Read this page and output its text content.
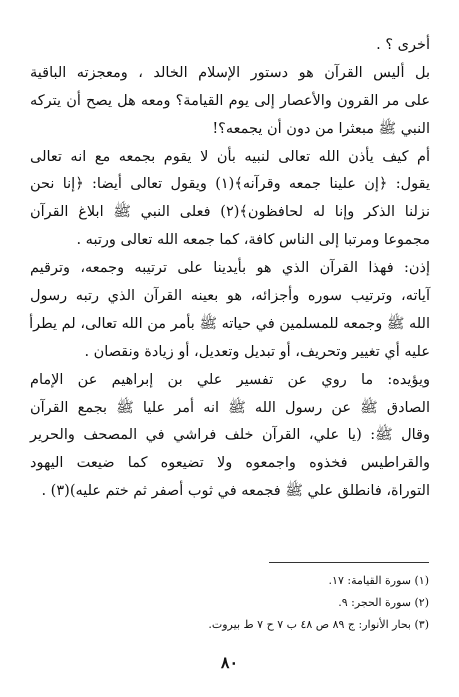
أخرى ؟ .
بل أليس القرآن هو دستور الإسلام الخالد ، ومعجزته الباقية
على مر القرون والأعصار إلى يوم القيامة؟ ومعه هل يصح أن يتركه
النبي ﷺ مبعثرا من دون أن يجمعه؟!
أم كيف يأذن الله تعالى لنبيه بأن لا يقوم بجمعه مع انه تعالى
يقول: ﴿إن علينا جمعه وقرآنه﴾(١) ويقول تعالى أيضا: ﴿إنا نحن
نزلنا الذكر وإنا له لحافظون﴾(٢) فعلى النبي ﷺ ابلاغ القرآن
مجموعا ومرتبا إلى الناس كافة، كما جمعه الله تعالى ورتبه .
إذن: فهذا القرآن الذي هو بأيدينا على ترتيبه وجمعه، وترقيم
آياته، وترتيب سوره وأجزائه، هو بعينه القرآن الذي رتبه رسول
الله ﷺ وجمعه للمسلمين في حياته ﷺ بأمر من الله تعالى، لم يطرأ
عليه أي تغيير وتحريف، أو تبديل وتعديل، أو زيادة ونقصان .
ويؤيده: ما روي عن تفسير علي بن إبراهيم عن الإمام
الصادق ﷺ عن رسول الله ﷺ انه أمر عليا ﷺ بجمع القرآن
وقال ﷺ: (يا علي، القرآن خلف فراشي في المصحف والحرير
والقراطيس فخذوه واجمعوه ولا تضيعوه كما ضيعت اليهود
التوراة، فانطلق علي ﷺ فجمعه في ثوب أصفر ثم ختم عليه)(٣) .
(١) سورة القيامة: ١٧.
(٢) سورة الحجر: ٩.
(٣) بحار الأنوار: ج ٨٩ ص ٤٨ ب ٧ ح ٧ ط بيروت.
٨٠
